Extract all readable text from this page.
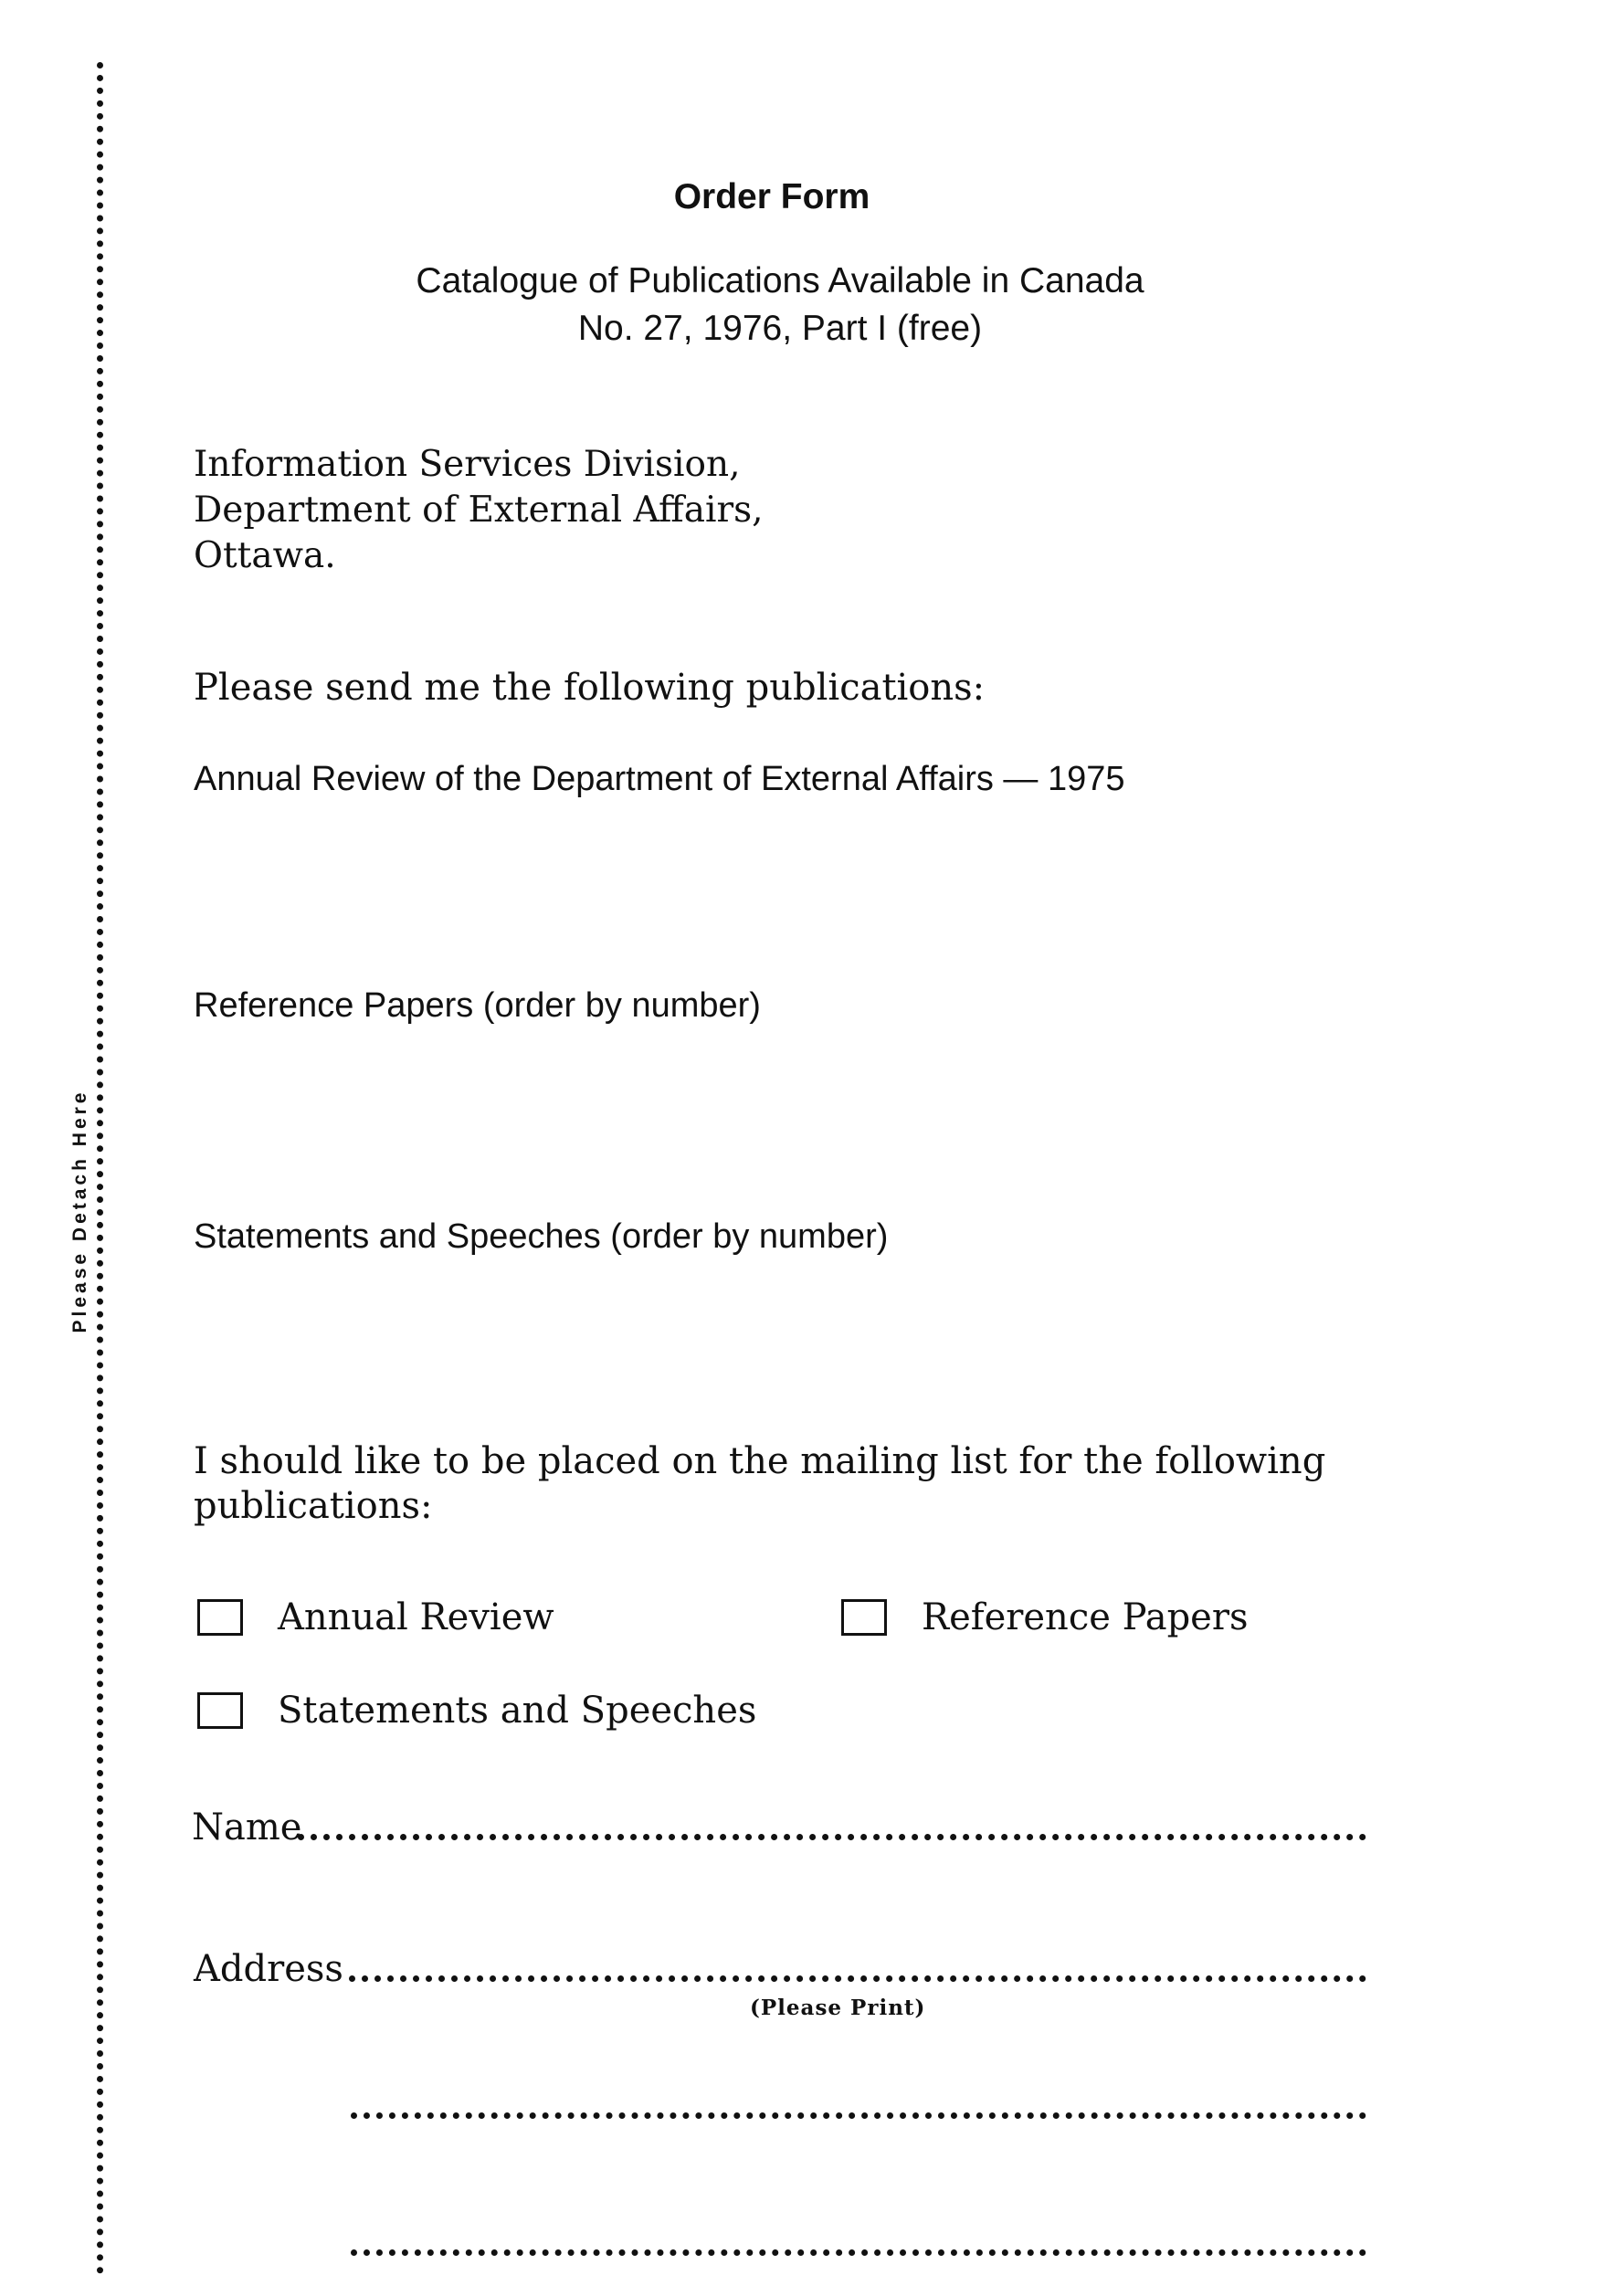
Please Detach Here
Order Form
Catalogue of Publications Available in Canada
No. 27, 1976, Part I (free)
Information Services Division,
Department of External Affairs,
Ottawa.
Please send me the following publications:
Annual Review of the Department of External Affairs — 1975
Reference Papers (order by number)
Statements and Speeches (order by number)
I should like to be placed on the mailing list for the following publications:
Annual Review	Reference Papers
Statements and Speeches
Name
Address
(Please Print)
